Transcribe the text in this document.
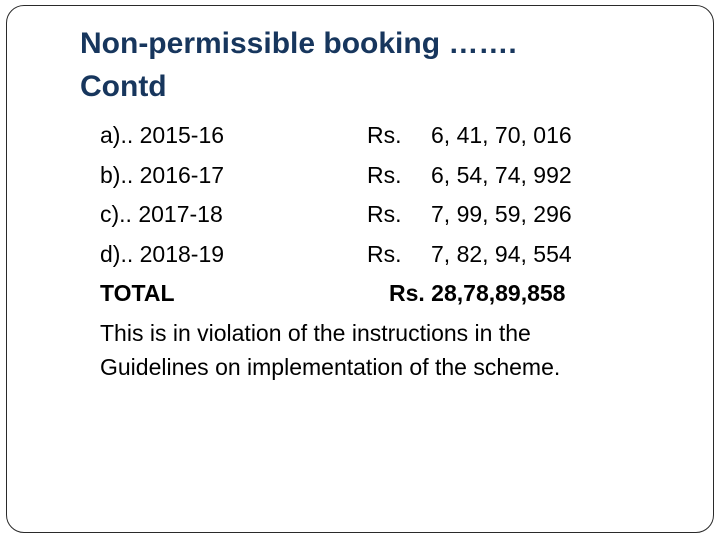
Non-permissible booking …….
Contd
a).. 2015-16	Rs. 6, 41, 70, 016
b).. 2016-17	Rs. 6, 54, 74, 992
c).. 2017-18	Rs. 7, 99, 59, 296
d).. 2018-19	Rs. 7, 82, 94, 554
TOTAL	Rs. 28,78,89,858
This is in violation of the instructions in the
Guidelines on implementation of the scheme.
